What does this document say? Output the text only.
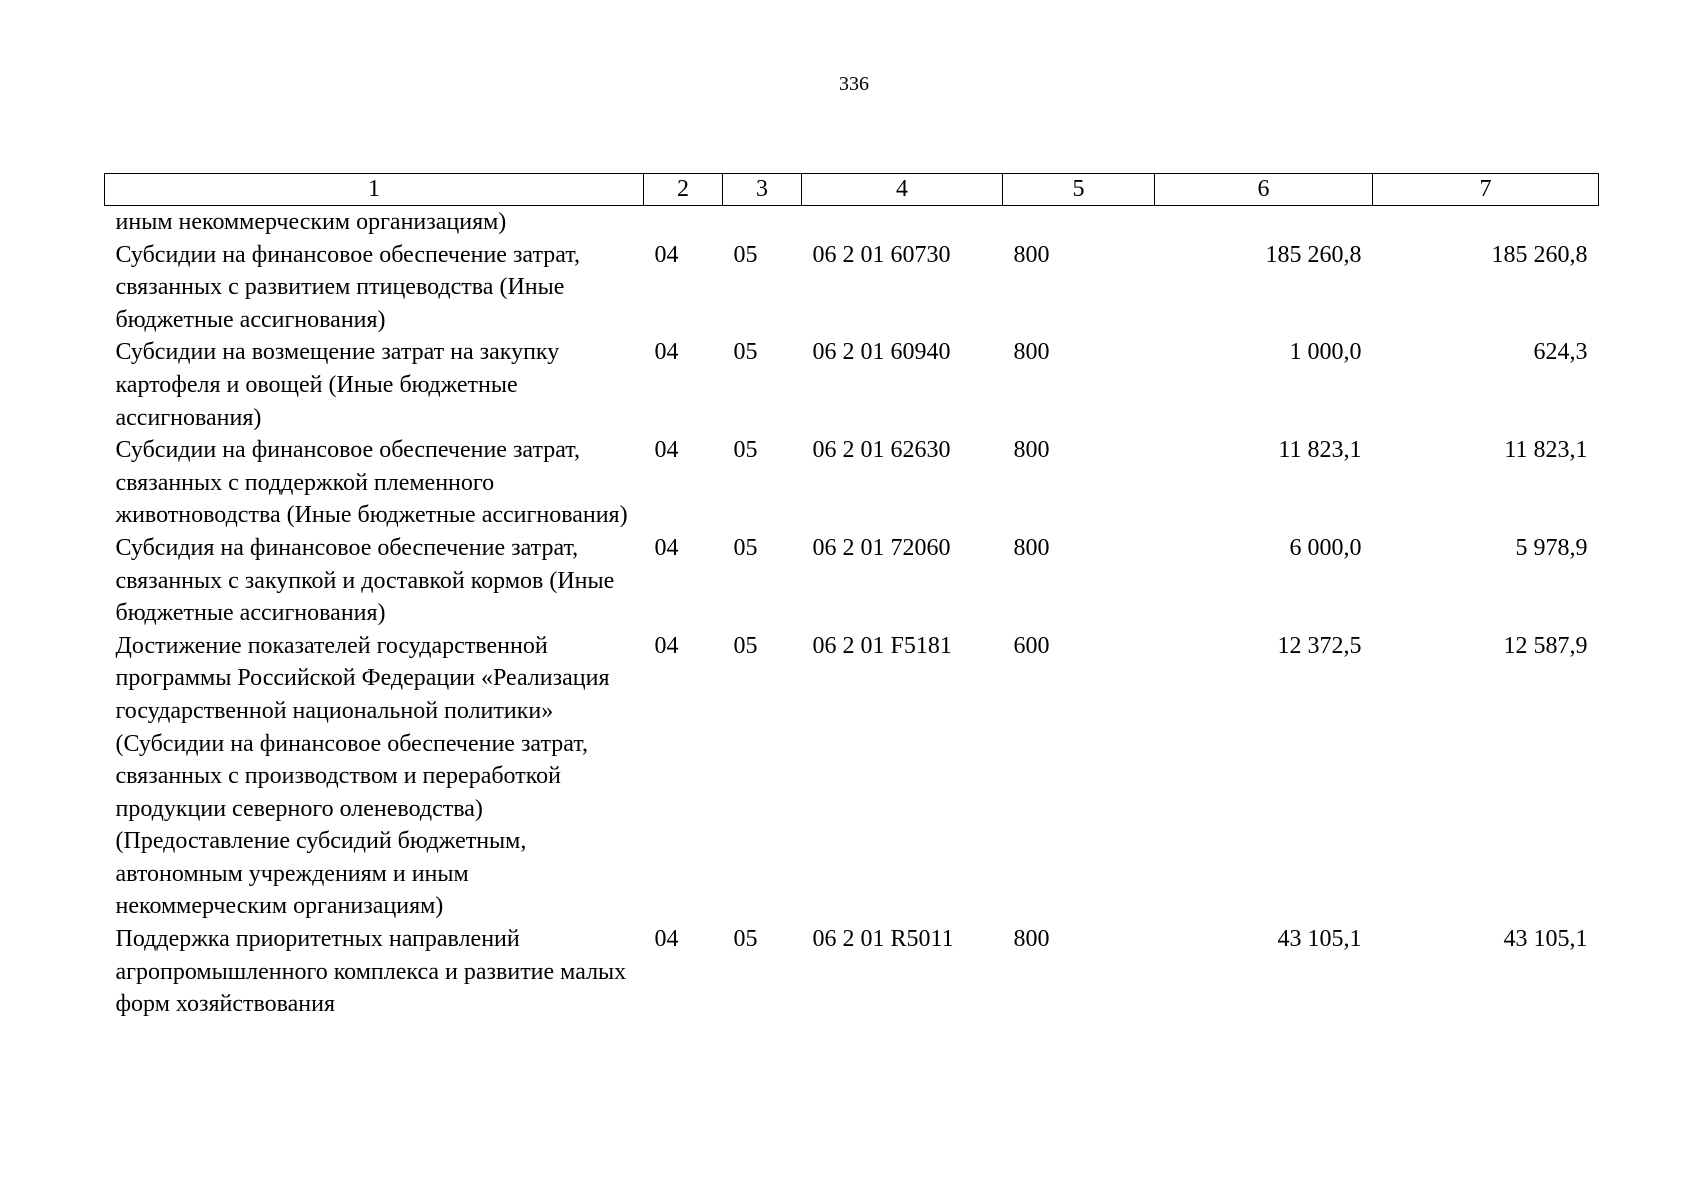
336
1	2	3	4	5	6	7
иным некоммерческим организациям)						
Субсидии на финансовое обеспечение затрат, связанных с развитием птицеводства (Иные бюджетные ассигнования)	04	05	06 2 01 60730	800	185 260,8	185 260,8
Субсидии на возмещение затрат на закупку картофеля и овощей (Иные бюджетные ассигнования)	04	05	06 2 01 60940	800	1 000,0	624,3
Субсидии на финансовое обеспечение затрат, связанных с поддержкой племенного животноводства (Иные бюджетные ассигнования)	04	05	06 2 01 62630	800	11 823,1	11 823,1
Субсидия на финансовое обеспечение затрат, связанных с закупкой и доставкой кормов (Иные бюджетные ассигнования)	04	05	06 2 01 72060	800	6 000,0	5 978,9
Достижение показателей государственной программы Российской Федерации «Реализация государственной национальной политики» (Субсидии на финансовое обеспечение затрат, связанных с производством и переработкой продукции северного оленеводства) (Предоставление субсидий бюджетным, автономным учреждениям и иным некоммерческим организациям)	04	05	06 2 01 F5181	600	12 372,5	12 587,9
Поддержка приоритетных направлений агропромышленного комплекса и развитие малых форм хозяйствования	04	05	06 2 01 R5011	800	43 105,1	43 105,1
